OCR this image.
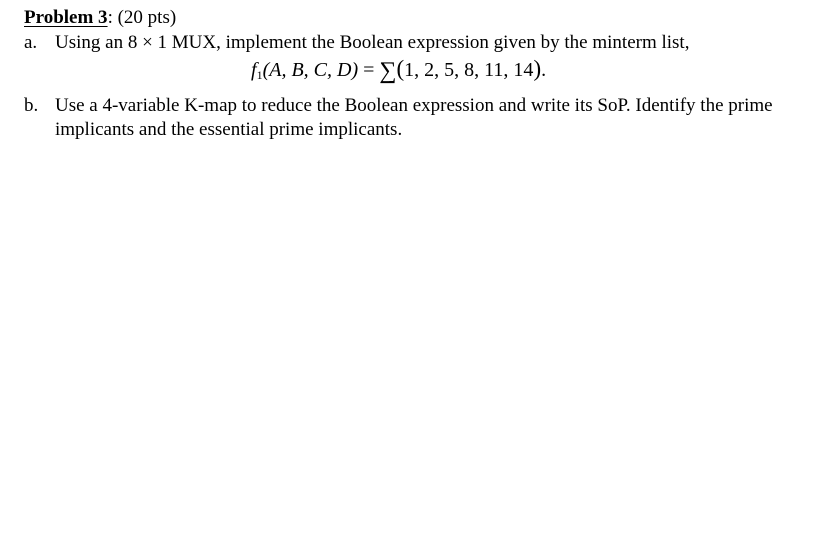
Problem 3: (20 pts)
a. Using an 8 × 1 MUX, implement the Boolean expression given by the minterm list,
$f_1(A$, B, C, D) = ∑(1, 2, 5, 8, 11, 14).
b. Use a 4-variable K-map to reduce the Boolean expression and write its SoP. Identify the prime implicants and the essential prime implicants.
